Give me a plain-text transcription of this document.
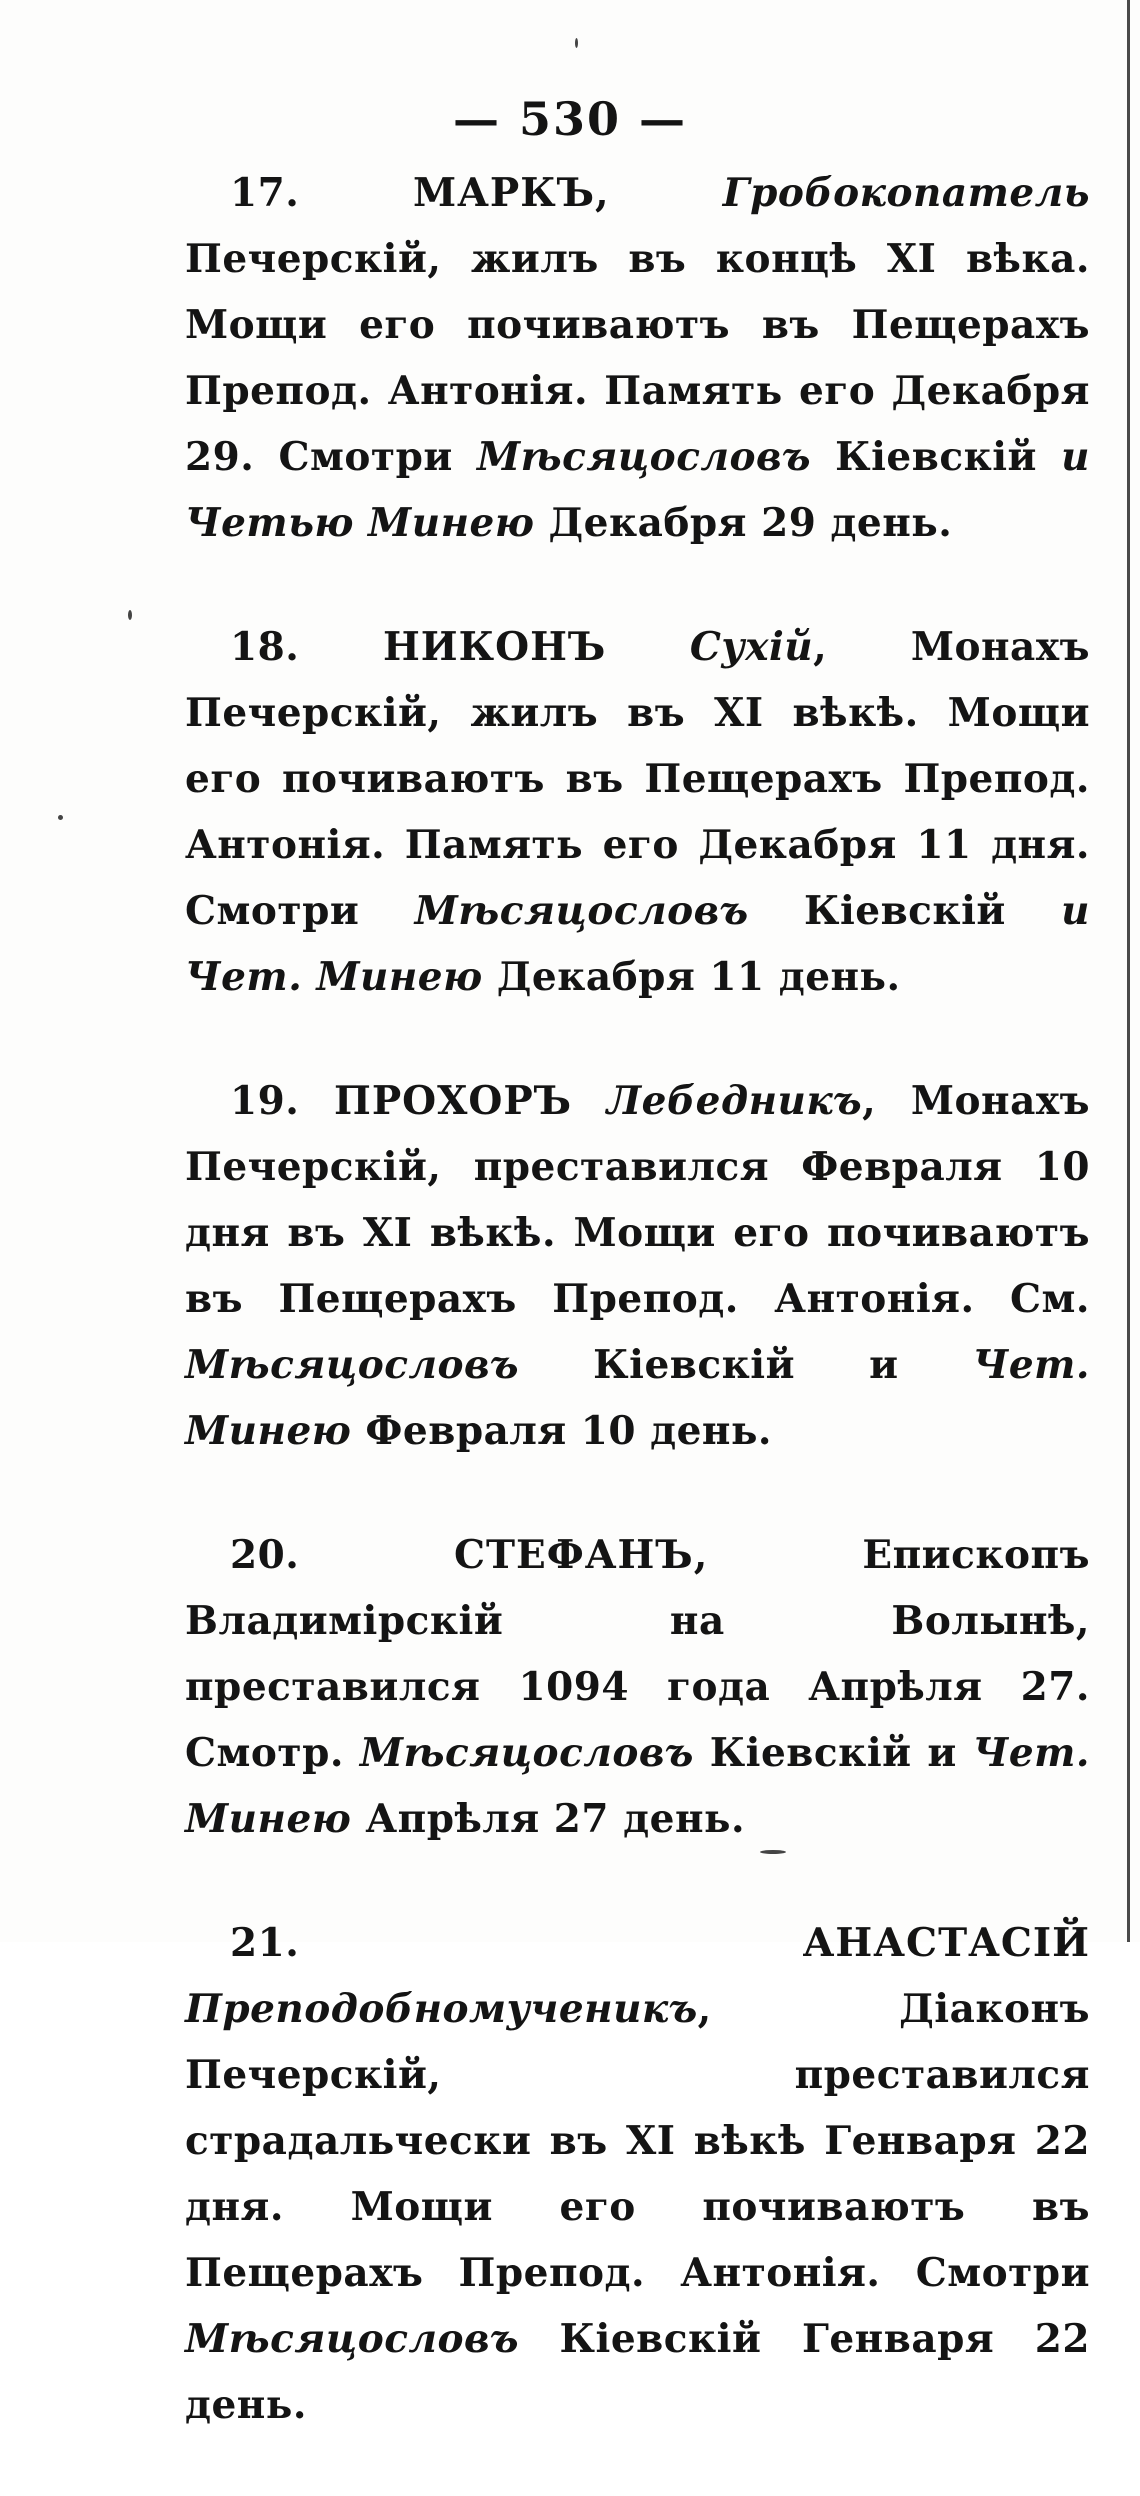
— 530 —

17.	МАРКЪ,	Гробокопатель Печерскій, жилъ въ концѣ XI вѣка. Мощи его почиваютъ въ Пещерахъ Препод. Антонія. Память его Декабря 29. Смотри Мѣсяцословъ Кіевскій и Четью Минею Декабря 29 день.

18. НИКОНЪ Сухій, Монахъ Печерскій, жилъ въ XI вѣкѣ. Мощи его почиваютъ въ Пещерахъ Препод. Антонія. Память его Декабря 11 дня. Смотри Мѣсяцословъ Кіевскій и Чет. Минею Декабря 11 день.

19. ПРОХОРЪ Лебедникъ, Монахъ Печерскій, преставился Февраля 10 дня въ XI вѣкѣ. Мощи его почиваютъ въ Пещерахъ Препод. Антонія. См. Мѣсяцословъ Кіевскій и Чет. Минею Февраля 10 день.

20.	СТЕФАНЪ, Епископъ Владимірскій на Волынѣ, преставился 1094 года Апрѣля 27. Смотр. Мѣсяцословъ Кіевскій и Чет. Минею Апрѣля 27 день.

21.	АНАСТАСІЙ Преподобномученикъ, Діаконъ Печерскій, преставился страдальчески въ XI вѣкѣ Генваря 22 дня. Мощи его почиваютъ въ Пещерахъ Препод. Антонія. Смотри Мѣсяцословъ Кіевскій Генваря 22 день.
